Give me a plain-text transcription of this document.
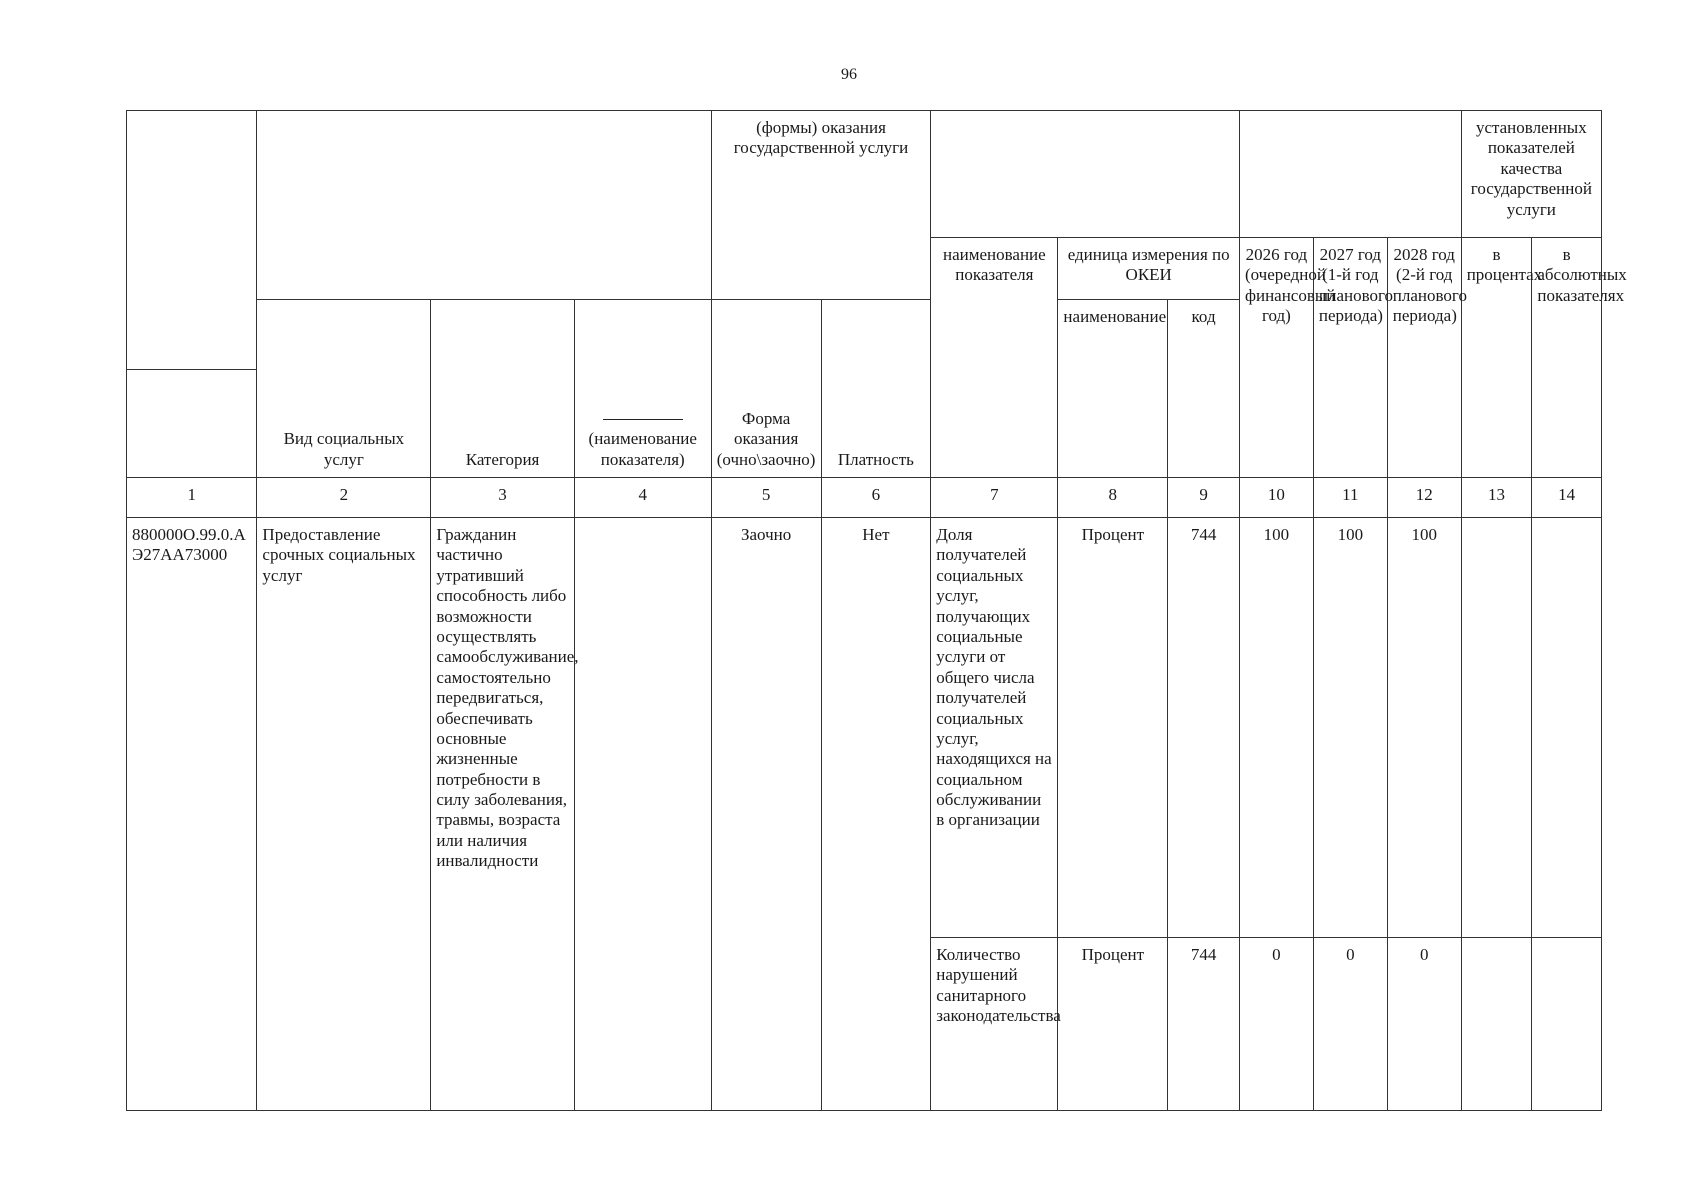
96
				(формы) оказания государственной услуги								установленных показателей качества государственной услуги	
						наименование показателя	единица измерения по ОКЕИ		2026 год (очередной финансовый год)	2027 год (1-й год планового периода)	2028 год (2-й год планового периода)	в процентах	в абсолютных показателях
	Вид социальных услуг	Категория	(наименование показателя)	Форма оказания (очно\заочно)	Платность		наименование	код					

1	2	3	4	5	6	7	8	9	10	11	12	13	14
880000О.99.0.АЭ27АА73000	Предоставление срочных социальных услуг	Гражданин частично утративший способность либо возможности осуществлять самообслуживание, самостоятельно передвигаться, обеспечивать основные жизненные потребности в силу заболевания, травмы, возраста или наличия инвалидности		Заочно	Нет	Доля получателей социальных услуг, получающих социальные услуги от общего числа получателей социальных услуг, находящихся на социальном обслуживании в организации	Процент	744	100	100	100		
						Количество нарушений санитарного законодательства	Процент	744	0	0	0		
